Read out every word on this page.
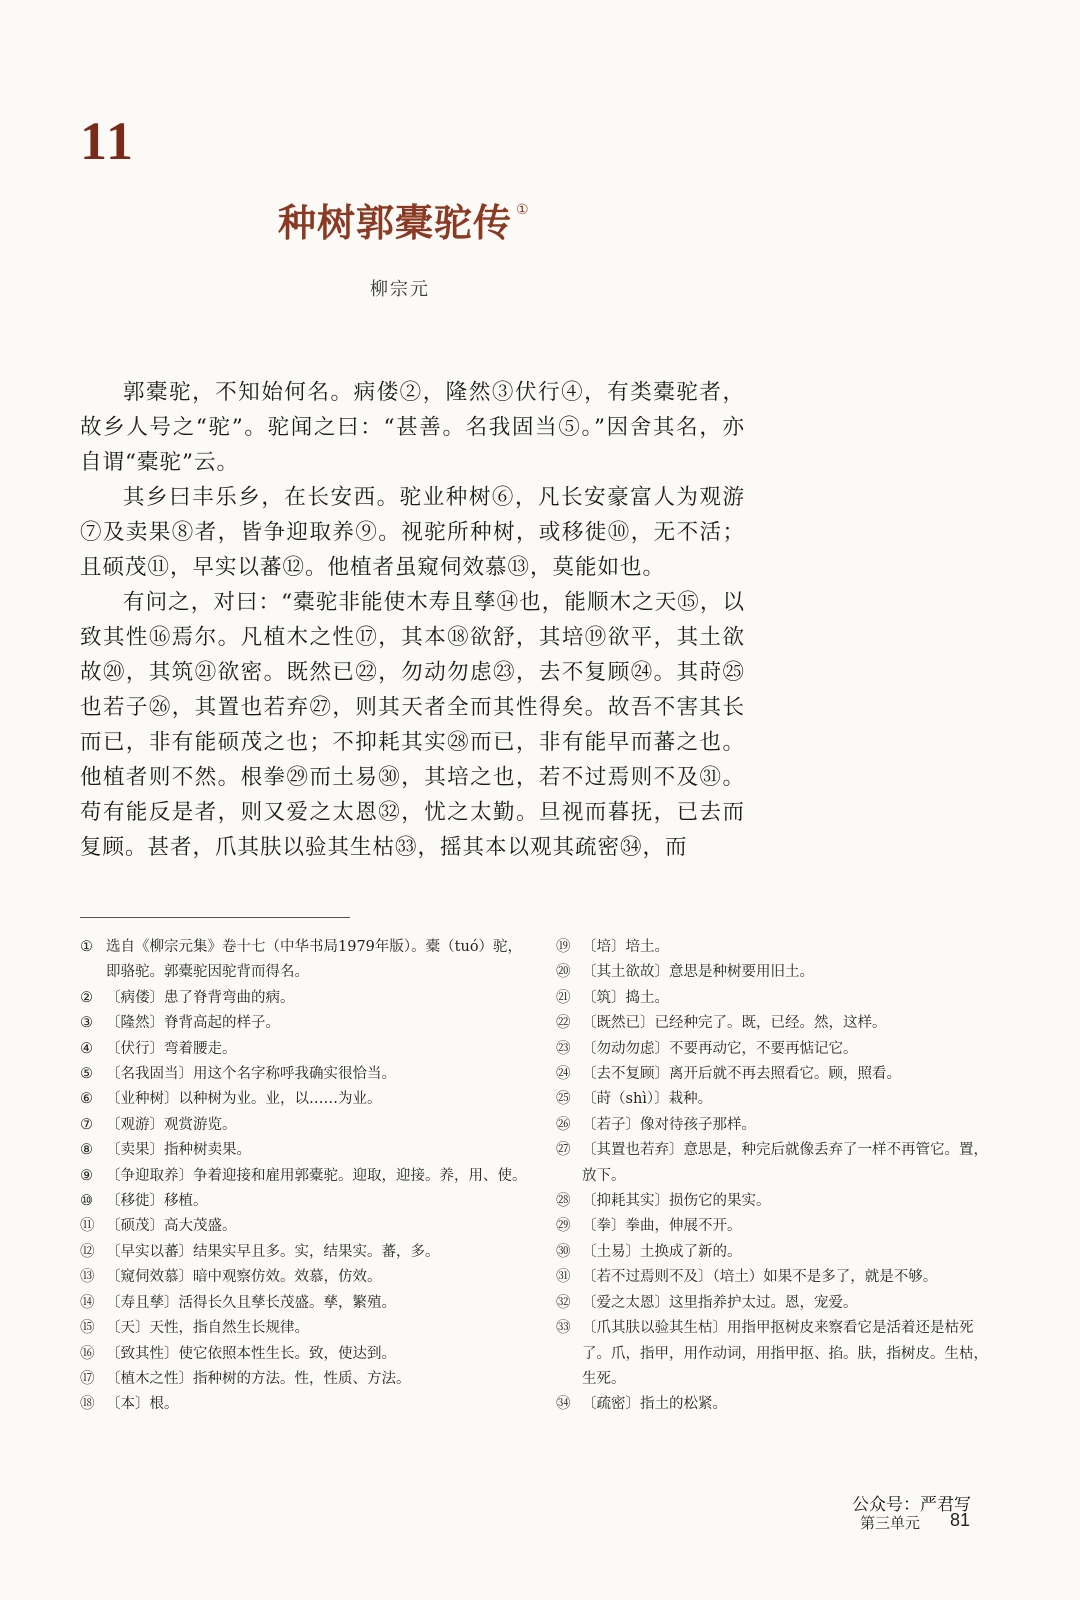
11
种树郭橐驼传 ①
柳宗元

郭橐驼，不知始何名。病偻②，隆然③伏行④，有类橐驼者，故乡人号之“驼”。驼闻之曰：“甚善。名我固当⑤。”因舍其名，亦自谓“橐驼”云。

其乡曰丰乐乡，在长安西。驼业种树⑥，凡长安豪富人为观游⑦及卖果⑧者，皆争迎取养⑨。视驼所种树，或移徙⑩，无不活；且硕茂⑪，早实以蕃⑫。他植者虽窥伺效慕⑬，莫能如也。

有问之，对曰：“橐驼非能使木寿且孳⑭也，能顺木之天⑮，以致其性⑯焉尔。凡植木之性⑰，其本⑱欲舒，其培⑲欲平，其土欲故⑳，其筑㉑欲密。既然已㉒，勿动勿虑㉓，去不复顾㉔。其莳㉕也若子㉖，其置也若弃㉗，则其天者全而其性得矣。故吾不害其长而已，非有能硕茂之也；不抑耗其实㉘而已，非有能早而蕃之也。他植者则不然。根拳㉙而土易㉚，其培之也，若不过焉则不及㉛。苟有能反是者，则又爱之太恩㉜，忧之太勤。旦视而暮抚，已去而复顾。甚者，爪其肤以验其生枯㉝，摇其本以观其疏密㉞，而

① 选自《柳宗元集》卷十七（中华书局1979年版）。橐（tuó）驼，即骆驼。郭橐驼因驼背而得名。
② 〔病偻〕患了脊背弯曲的病。
③ 〔隆然〕脊背高起的样子。
④ 〔伏行〕弯着腰走。
⑤ 〔名我固当〕用这个名字称呼我确实很恰当。
⑥ 〔业种树〕以种树为业。业，以……为业。
⑦ 〔观游〕观赏游览。
⑧ 〔卖果〕指种树卖果。
⑨ 〔争迎取养〕争着迎接和雇用郭橐驼。迎取，迎接。养，用、使。
⑩ 〔移徙〕移植。
⑪ 〔硕茂〕高大茂盛。
⑫ 〔早实以蕃〕结果实早且多。实，结果实。蕃，多。
⑬ 〔窥伺效慕〕暗中观察仿效。效慕，仿效。
⑭ 〔寿且孳〕活得长久且孳长茂盛。孳，繁殖。
⑮ 〔天〕天性，指自然生长规律。
⑯ 〔致其性〕使它依照本性生长。致，使达到。
⑰ 〔植木之性〕指种树的方法。性，性质、方法。
⑱ 〔本〕根。
⑲ 〔培〕培土。
⑳ 〔其土欲故〕意思是种树要用旧土。
㉑ 〔筑〕捣土。
㉒ 〔既然已〕已经种完了。既，已经。然，这样。
㉓ 〔勿动勿虑〕不要再动它，不要再惦记它。
㉔ 〔去不复顾〕离开后就不再去照看它。顾，照看。
㉕ 〔莳（shì）〕栽种。
㉖ 〔若子〕像对待孩子那样。
㉗ 〔其置也若弃〕意思是，种完后就像丢弃了一样不再管它。置，放下。
㉘ 〔抑耗其实〕损伤它的果实。
㉙ 〔拳〕拳曲，伸展不开。
㉚ 〔土易〕土换成了新的。
㉛ 〔若不过焉则不及〕（培土）如果不是多了，就是不够。
㉜ 〔爱之太恩〕这里指养护太过。恩，宠爱。
㉝ 〔爪其肤以验其生枯〕用指甲抠树皮来察看它是活着还是枯死了。爪，指甲，用作动词，用指甲抠、掐。肤，指树皮。生枯，生死。
㉞ 〔疏密〕指土的松紧。
公众号：严君写
第三单元 81
